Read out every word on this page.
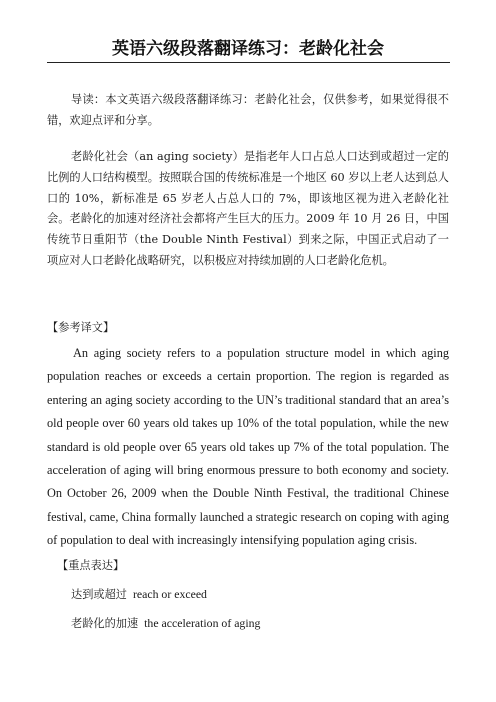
英语六级段落翻译练习：老龄化社会

导读：本文英语六级段落翻译练习：老龄化社会，仅供参考，如果觉得很不错，欢迎点评和分享。

老龄化社会（an aging society）是指老年人口占总人口达到或超过一定的比例的人口结构模型。按照联合国的传统标准是一个地区 60 岁以上老人达到总人口的 10%，新标准是 65 岁老人占总人口的 7%，即该地区视为进入老龄化社会。老龄化的加速对经济社会都将产生巨大的压力。2009 年 10 月 26 日，中国传统节日重阳节（the Double Ninth Festival）到来之际，中国正式启动了一项应对人口老龄化战略研究，以积极应对持续加剧的人口老龄化危机。

【参考译文】

An aging society refers to a population structure model in which aging population reaches or exceeds a certain proportion. The region is regarded as entering an aging society according to the UN’s traditional standard that an area’s old people over 60 years old takes up 10% of the total population, while the new standard is old people over 65 years old takes up 7% of the total population. The acceleration of aging will bring enormous pressure to both economy and society. On October 26, 2009 when the Double Ninth Festival, the traditional Chinese festival, came, China formally launched a strategic research on coping with aging of population to deal with increasingly intensifying population aging crisis.

【重点表达】

达到或超过 reach or exceed

老龄化的加速 the acceleration of aging
